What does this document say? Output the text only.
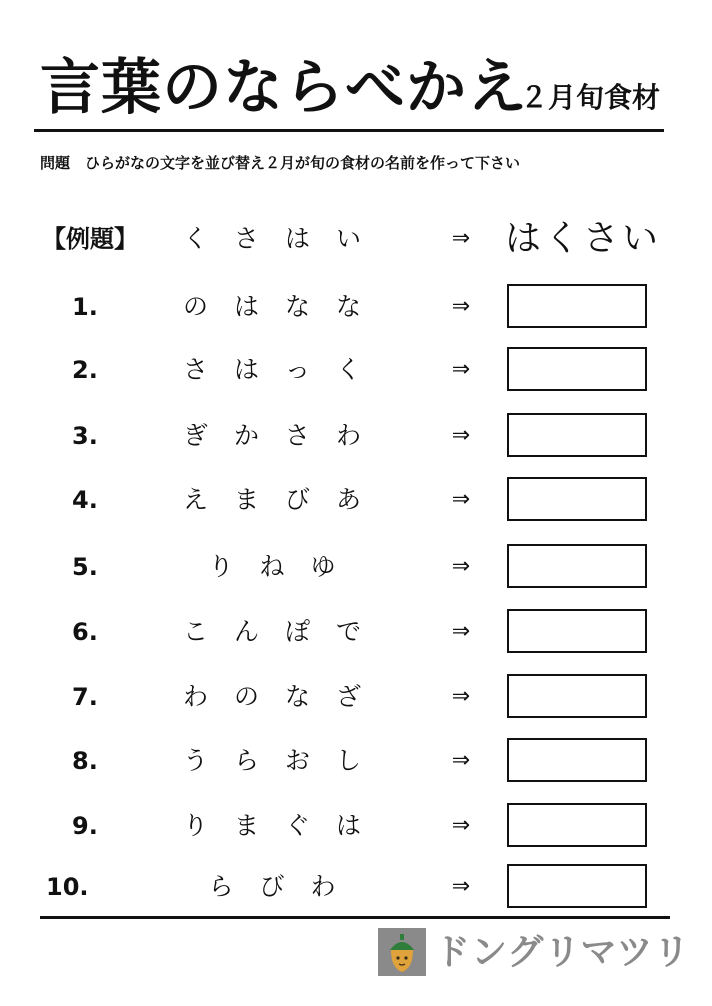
言葉のならべかえ
２月旬食材
問題　ひらがなの文字を並び替え２月が旬の食材の名前を作って下さい
【例題】	くさはい	⇒ はくさい
1.	のはなな	⇒
2.	さはっく	⇒
3.	ぎかさわ	⇒
4.	えまびあ	⇒
5.	りねゆ	⇒
6.	こんぽで	⇒
7.	わのなざ	⇒
8.	うらおし	⇒
9.	りまぐは	⇒
10.	らびわ	⇒
ドングリマツリ
